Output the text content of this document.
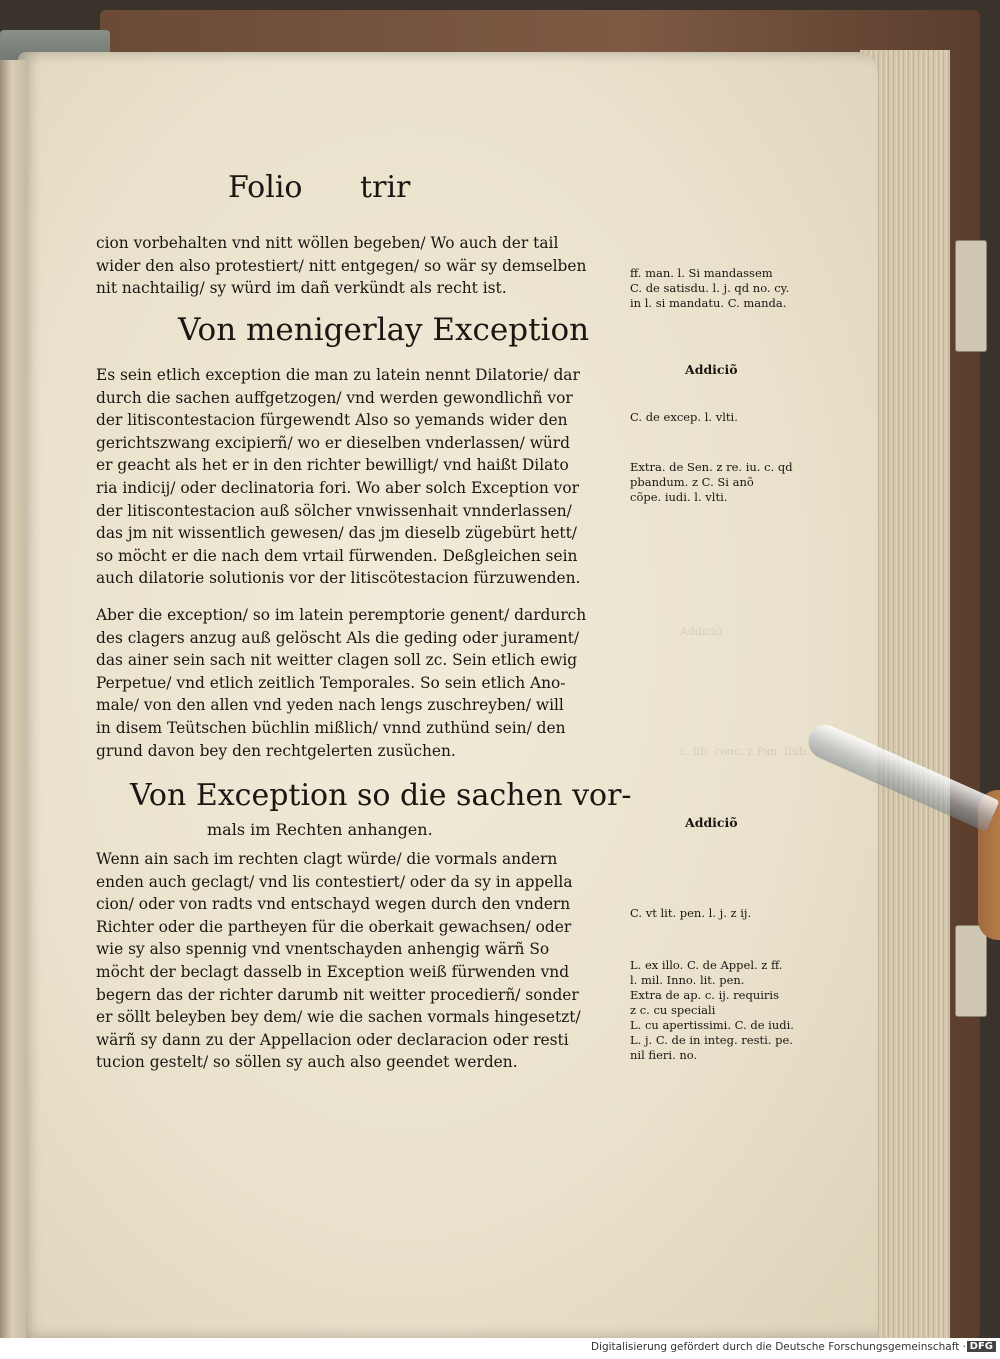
Addiciõ
c. lib. conc. z Pan. Ilub.
Folio trir
cion vorbehalten vnd nitt wöllen begeben/ Wo auch der tail
wider den also protestiert/ nitt entgegen/ so wär sy demselben
nit nachtailig/ sy würd im dañ verkündt als recht ist.
Von menigerlay Exception
Es sein etlich exception die man zu latein nennt Dilatorie/ dar
durch die sachen auffgetzogen/ vnd werden gewondlichñ vor
der litiscontestacion fürgewendt Also so yemands wider den
gerichtszwang excipierñ/ wo er dieselben vnderlassen/ würd
er geacht als het er in den richter bewilligt/ vnd haißt Dilato
ria indicij/ oder declinatoria fori. Wo aber solch Exception vor
der litiscontestacion auß sölcher vnwissenhait vnnderlassen/
das jm nit wissentlich gewesen/ das jm dieselb zügebürt hett/
so möcht er die nach dem vrtail fürwenden. Deßgleichen sein
auch dilatorie solutionis vor der litiscötestacion fürzuwenden.
Aber die exception/ so im latein peremptorie genent/ dardurch
des clagers anzug auß gelöscht Als die geding oder jurament/
das ainer sein sach nit weitter clagen soll zc. Sein etlich ewig
Perpetue/ vnd etlich zeitlich Temporales. So sein etlich Ano-
male/ von den allen vnd yeden nach lengs zuschreyben/ will
in disem Teütschen büchlin mißlich/ vnnd zuthünd sein/ den
grund davon bey den rechtgelerten zusüchen.
Von Exception so die sachen vor-
mals im Rechten anhangen.
Wenn ain sach im rechten clagt würde/ die vormals andern
enden auch geclagt/ vnd lis contestiert/ oder da sy in appella
cion/ oder von radts vnd entschayd wegen durch den vndern
Richter oder die partheyen für die oberkait gewachsen/ oder
wie sy also spennig vnd vnentschayden anhengig wärñ So
möcht der beclagt dasselb in Exception weiß fürwenden vnd
begern das der richter darumb nit weitter procedierñ/ sonder
er söllt beleyben bey dem/ wie die sachen vormals hingesetzt/
wärñ sy dann zu der Appellacion oder declaracion oder resti
tucion gestelt/ so söllen sy auch also geendet werden.
ff. man. l. Si mandassem
C. de satisdu. l. j. qd no. cy.
in l. si mandatu. C. manda.
Addiciõ
C. de excep. l. vlti.
Extra. de Sen. z re. iu. c. qd
pbandum. z C. Si anõ
cõpe. iudi. l. vlti.
Addiciõ
C. vt lit. pen. l. j. z ij.
L. ex illo. C. de Appel. z ff.
l. mil. Inno. lit. pen.
Extra de ap. c. ij. requiris
z c. cu speciali
L. cu apertissimi. C. de iudi.
L. j. C. de in integ. resti. pe.
nil fieri. no.
Digitalisierung gefördert durch die Deutsche Forschungsgemeinschaft · DFG
